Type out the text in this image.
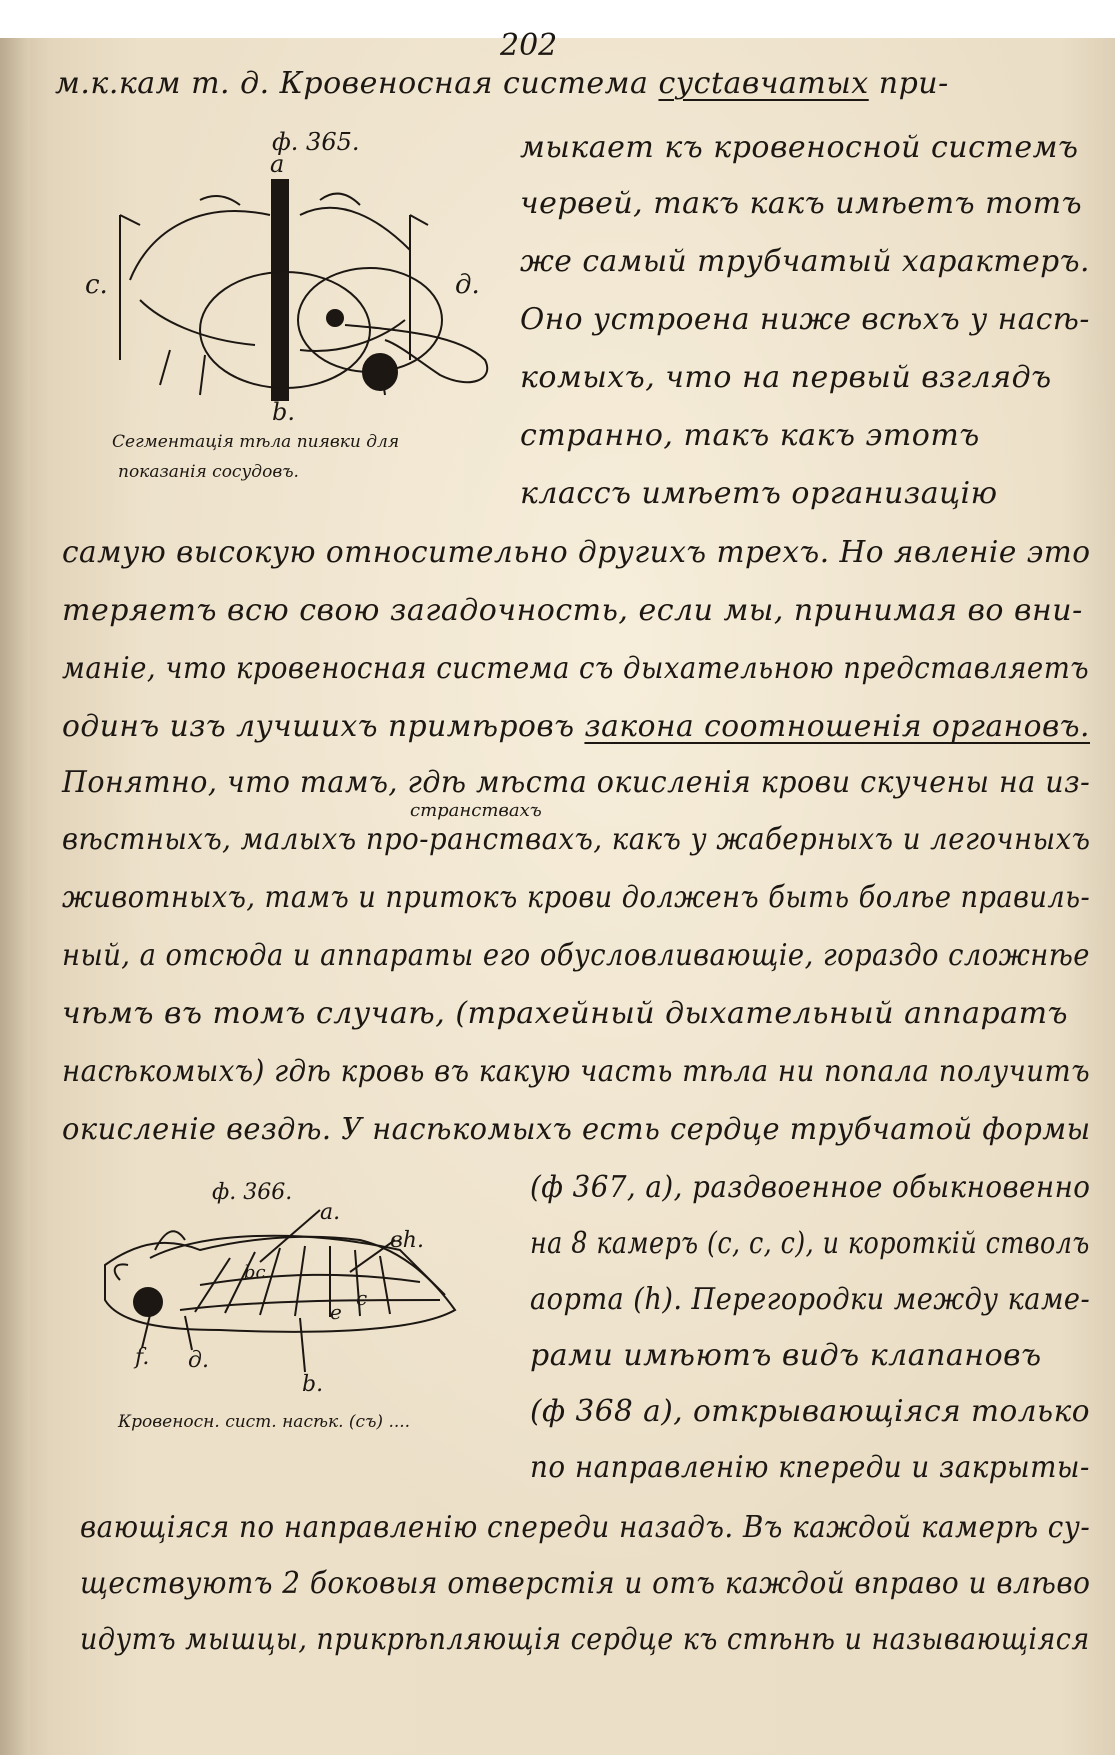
202
м.к.кам т. д. Кровеносная система сусtавчатых при-
мыкает къ кровеносной системъ
червей, такъ какъ имѣетъ тотъ
же самый трубчатый характеръ.
Оно устроена ниже всѣхъ у насѣ-
комыхъ, что на первый взглядъ
странно, такъ какъ этотъ
классъ имѣетъ организацію
ф. 365.
а
b.
с.	д.
Сегментація тѣла пиявки для
показанія сосудовъ.
самую высокую относительно другихъ трехъ. Но явленіе это
теряетъ всю свою загадочность, если мы, принимая во вни-
маніе, что кровеносная система съ дыхательною представляетъ
одинъ изъ лучшихъ примѣровъ закона соотношенія органовъ.
Понятно, что тамъ, гдѣ мѣста окисленія крови скучены на из-
странствахъ
вѣстныхъ, малыхъ про-ранствахъ, какъ у жаберныхъ и легочныхъ
животныхъ, тамъ и притокъ крови долженъ быть болѣе правиль-
ный, а отсюда и аппараты его обусловливающіе, гораздо сложнѣе
чѣмъ въ томъ случаѣ, (трахейный дыхательный аппаратъ
насѣкомыхъ) гдѣ кровь въ какую часть тѣла ни попала получитъ
окисленіе вездѣ. У насѣкомыхъ есть сердце трубчатой формы
(ф 367, а), раздвоенное обыкновенно
на 8 камеръ (с, с, с), и короткій стволъ
аорта (h). Перегородки между каме-
рами имѣютъ видъ клапановъ
(ф 368 а), открывающіяся только
по направленію кпереди и закрыты-
ф. 366.
а.
вh.
bс
с
e
f. д.
b.
Кровеносн. сист. насѣк. (съ) ....
вающіяся по направленію спереди назадъ. Въ каждой камерѣ су-
ществуютъ 2 боковыя отверстія и отъ каждой вправо и влѣво
идутъ мышцы, прикрѣпляющія сердце къ стѣнѣ и называющіяся
